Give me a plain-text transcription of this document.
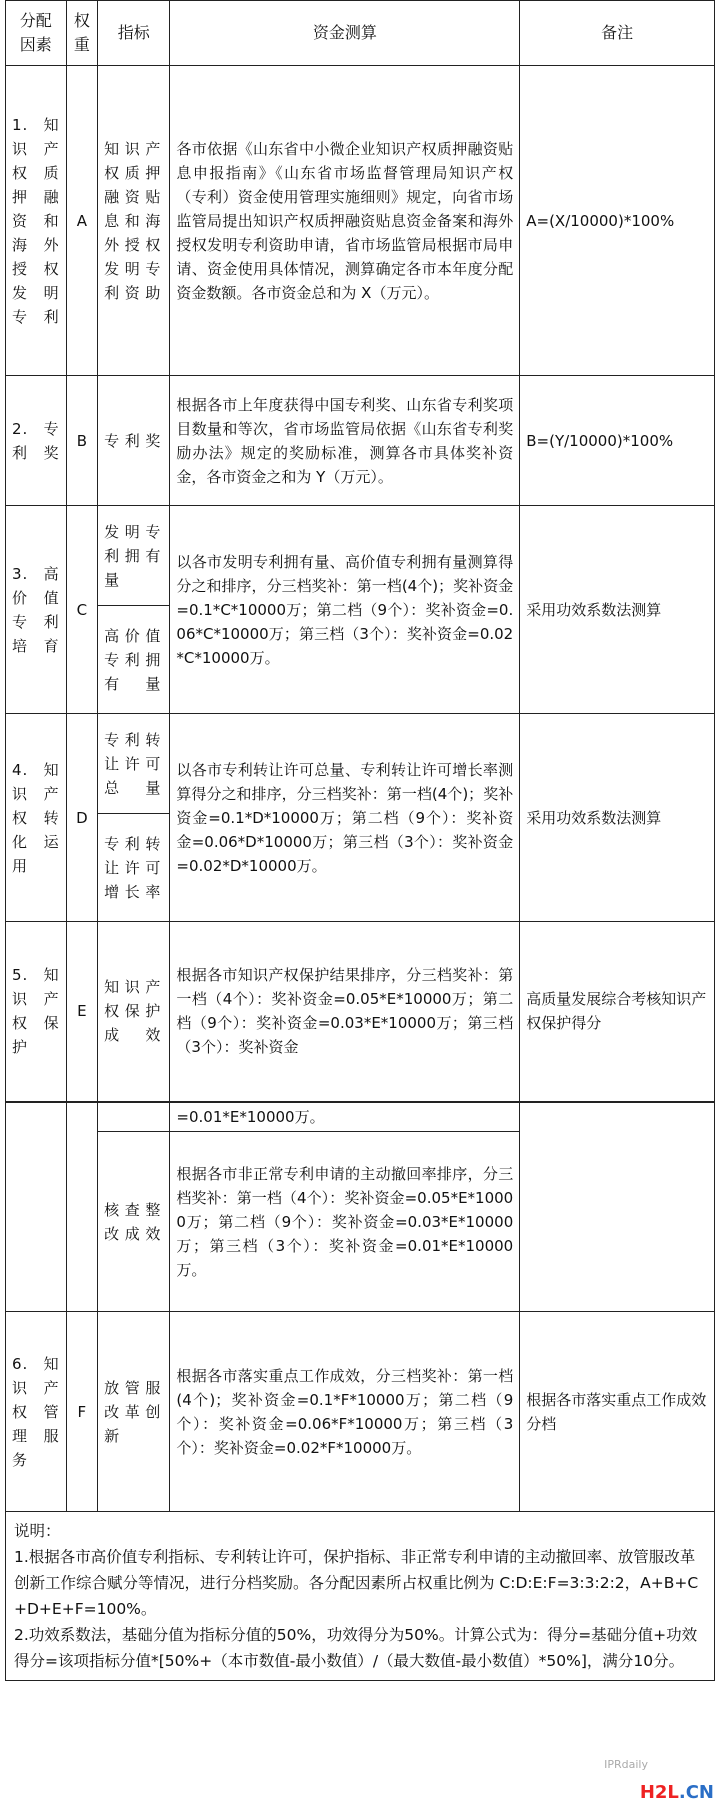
分配因素	权重	指标	资金测算	备注
1.知识产权质押融资和海外授权发明专利	A	知识产权质押融资贴息和海外授权发明专利资助	各市依据《山东省中小微企业知识产权质押融资贴息申报指南》《山东省市场监督管理局知识产权（专利）资金使用管理实施细则》规定，向省市场监管局提出知识产权质押融资贴息资金备案和海外授权发明专利资助申请，省市场监管局根据市局申请、资金使用具体情况，测算确定各市本年度分配资金数额。各市资金总和为 X（万元）。	A=(X/10000)*100%
2.专利奖	B	专利奖	根据各市上年度获得中国专利奖、山东省专利奖项目数量和等次，省市场监管局依据《山东省专利奖励办法》规定的奖励标准，测算各市具体奖补资金，各市资金之和为 Y（万元）。	B=(Y/10000)*100%
3.高价值专利培育	C	发明专利拥有量	以各市发明专利拥有量、高价值专利拥有量测算得分之和排序，分三档奖补：第一档(4个)；奖补资金=0.1*C*10000万；第二档（9个）：奖补资金=0.06*C*10000万；第三档（3个）：奖补资金=0.02*C*10000万。	采用功效系数法测算
		高价值专利拥有量		
4.知识产权转化运用	D	专利转让许可总量	以各市专利转让许可总量、专利转让许可增长率测算得分之和排序，分三档奖补：第一档(4个)；奖补资金=0.1*D*10000万；第二档（9个）：奖补资金=0.06*D*10000万；第三档（3个）：奖补资金=0.02*D*10000万。	采用功效系数法测算
		专利转让许可增长率		
5.知识产权保护	E	知识产权保护成效	根据各市知识产权保护结果排序，分三档奖补：第一档（4个）：奖补资金=0.05*E*10000万；第二档（9个）：奖补资金=0.03*E*10000万；第三档（3个）：奖补资金	高质量发展综合考核知识产权保护得分
			=0.01*E*10000万。	
		核查整改成效	根据各市非正常专利申请的主动撤回率排序，分三档奖补：第一档（4个）：奖补资金=0.05*E*10000万；第二档（9个）：奖补资金=0.03*E*10000万；第三档（3个）：奖补资金=0.01*E*10000万。	
6.知识产权管理服务	F	放管服改革创新	根据各市落实重点工作成效，分三档奖补：第一档(4个)；奖补资金=0.1*F*10000万；第二档（9个）：奖补资金=0.06*F*10000万；第三档（3个）：奖补资金=0.02*F*10000万。	根据各市落实重点工作成效分档

说明：
1.根据各市高价值专利指标、专利转让许可，保护指标、非正常专利申请的主动撤回率、放管服改革创新工作综合赋分等情况，进行分档奖励。各分配因素所占权重比例为 C:D:E:F=3:3:2:2，A+B+C+D+E+F=100%。
2.功效系数法，基础分值为指标分值的50%，功效得分为50%。计算公式为：得分=基础分值+功效得分=该项指标分值*[50%+（本市数值-最小数值）/（最大数值-最小数值）*50%]，满分10分。				
IPRdaily
H2L.CN
